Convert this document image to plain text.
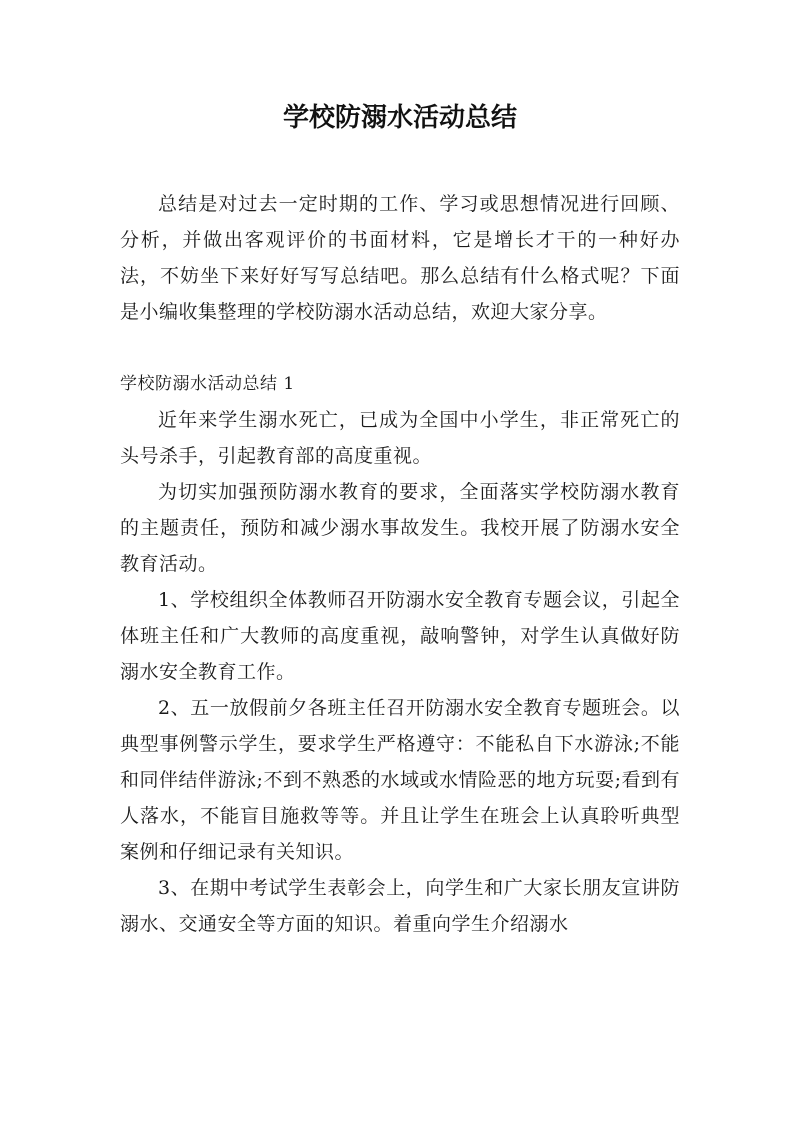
学校防溺水活动总结

总结是对过去一定时期的工作、学习或思想情况进行回顾、分析，并做出客观评价的书面材料，它是增长才干的一种好办法，不妨坐下来好好写写总结吧。那么总结有什么格式呢？下面是小编收集整理的学校防溺水活动总结，欢迎大家分享。

学校防溺水活动总结 1

近年来学生溺水死亡，已成为全国中小学生，非正常死亡的头号杀手，引起教育部的高度重视。

为切实加强预防溺水教育的要求，全面落实学校防溺水教育的主题责任，预防和减少溺水事故发生。我校开展了防溺水安全教育活动。

1、学校组织全体教师召开防溺水安全教育专题会议，引起全体班主任和广大教师的高度重视，敲响警钟，对学生认真做好防溺水安全教育工作。

2、五一放假前夕各班主任召开防溺水安全教育专题班会。以典型事例警示学生，要求学生严格遵守：不能私自下水游泳;不能和同伴结伴游泳;不到不熟悉的水域或水情险恶的地方玩耍;看到有人落水，不能盲目施救等等。并且让学生在班会上认真聆听典型案例和仔细记录有关知识。

3、在期中考试学生表彰会上，向学生和广大家长朋友宣讲防溺水、交通安全等方面的知识。着重向学生介绍溺水
